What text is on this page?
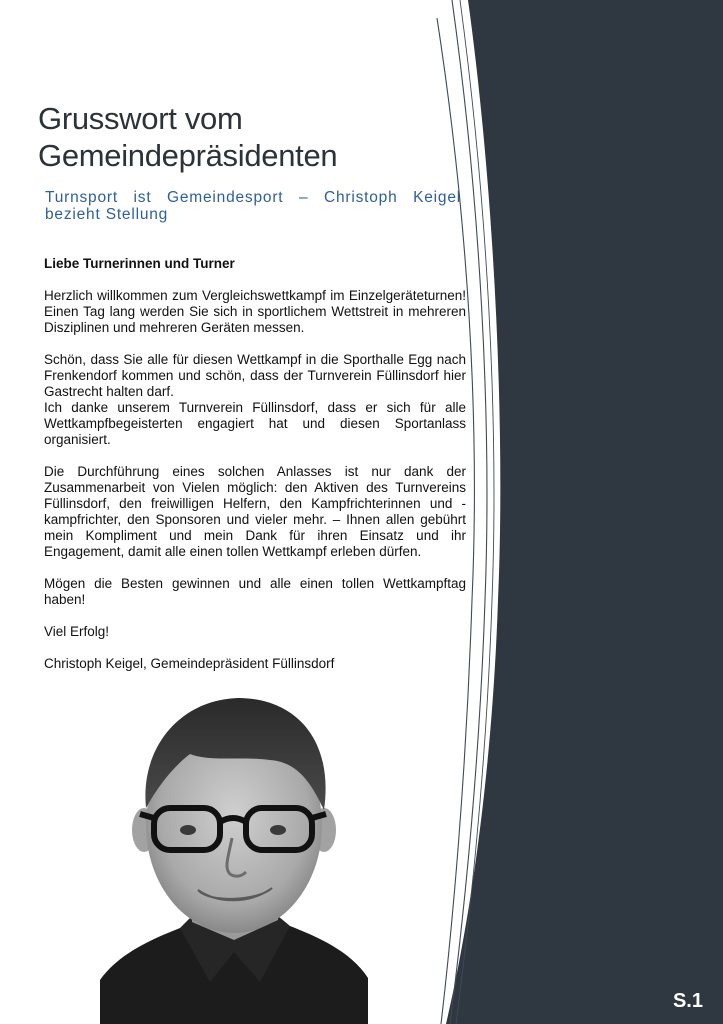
Grusswort vom Gemeindepräsidenten

Turnsport ist Gemeindesport – Christoph Keigel bezieht Stellung

Liebe Turnerinnen und Turner

Herzlich willkommen zum Vergleichswettkampf im Einzelgeräteturnen! Einen Tag lang werden Sie sich in sportlichem Wettstreit in mehreren Disziplinen und mehreren Geräten messen.

Schön, dass Sie alle für diesen Wettkampf in die Sporthalle Egg nach Frenkendorf kommen und schön, dass der Turnverein Füllinsdorf hier Gastrecht halten darf.

Ich danke unserem Turnverein Füllinsdorf, dass er sich für alle Wettkampfbegeisterten engagiert hat und diesen Sportanlass organisiert.

Die Durchführung eines solchen Anlasses ist nur dank der Zusammenarbeit von Vielen möglich: den Aktiven des Turnvereins Füllinsdorf, den freiwilligen Helfern, den Kampfrichterinnen und -kampfrichter, den Sponsoren und vieler mehr. – Ihnen allen gebührt mein Kompliment und mein Dank für ihren Einsatz und ihr Engagement, damit alle einen tollen Wettkampf erleben dürfen.

Mögen die Besten gewinnen und alle einen tollen Wettkampftag haben!

Viel Erfolg!

Christoph Keigel, Gemeindepräsident Füllinsdorf

S.1
